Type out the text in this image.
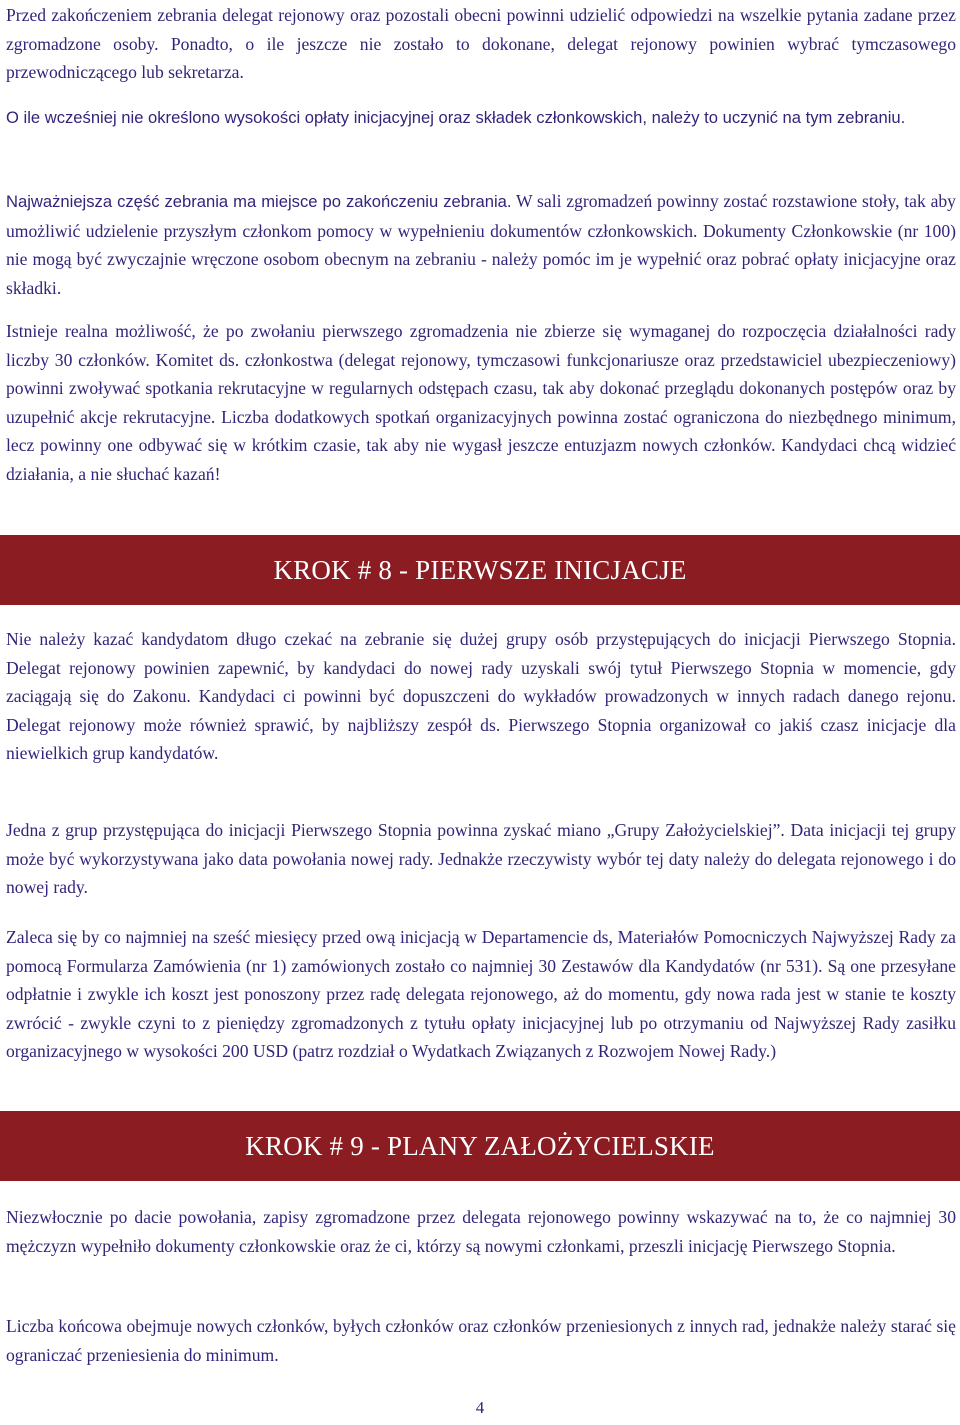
Przed zakończeniem zebrania delegat rejonowy oraz pozostali obecni powinni udzielić odpowiedzi na wszelkie pytania zadane przez zgromadzone osoby. Ponadto, o ile jeszcze nie zostało to dokonane, delegat rejonowy powinien wybrać tymczasowego przewodniczącego lub sekretarza.

O ile wcześniej nie określono wysokości opłaty inicjacyjnej oraz składek członkowskich, należy to uczynić na tym zebraniu.

Najważniejsza część zebrania ma miejsce po zakończeniu zebrania. W sali zgromadzeń powinny zostać rozstawione stoły, tak aby umożliwić udzielenie przyszłym członkom pomocy w wypełnieniu dokumentów członkowskich. Dokumenty Członkowskie (nr 100) nie mogą być zwyczajnie wręczone osobom obecnym na zebraniu - należy pomóc im je wypełnić oraz pobrać opłaty inicjacyjne oraz składki.

Istnieje realna możliwość, że po zwołaniu pierwszego zgromadzenia nie zbierze się wymaganej do rozpoczęcia działalności rady liczby 30 członków. Komitet ds. członkostwa (delegat rejonowy, tymczasowi funkcjonariusze oraz przedstawiciel ubezpieczeniowy) powinni zwoływać spotkania rekrutacyjne w regularnych odstępach czasu, tak aby dokonać przeglądu dokonanych postępów oraz by uzupełnić akcje rekrutacyjne. Liczba dodatkowych spotkań organizacyjnych powinna zostać ograniczona do niezbędnego minimum, lecz powinny one odbywać się w krótkim czasie, tak aby nie wygasł jeszcze entuzjazm nowych członków. Kandydaci chcą widzieć działania, a nie słuchać kazań!

KROK # 8 - PIERWSZE INICJACJE

Nie należy kazać kandydatom długo czekać na zebranie się dużej grupy osób przystępujących do inicjacji Pierwszego Stopnia. Delegat rejonowy powinien zapewnić, by kandydaci do nowej rady uzyskali swój tytuł Pierwszego Stopnia w momencie, gdy zaciągają się do Zakonu. Kandydaci ci powinni być dopuszczeni do wykładów prowadzonych w innych radach danego rejonu. Delegat rejonowy może również sprawić, by najbliższy zespół ds. Pierwszego Stopnia organizował co jakiś czasz inicjacje dla niewielkich grup kandydatów.

Jedna z grup przystępująca do inicjacji Pierwszego Stopnia powinna zyskać miano „Grupy Założycielskiej”. Data inicjacji tej grupy może być wykorzystywana jako data powołania nowej rady. Jednakże rzeczywisty wybór tej daty należy do delegata rejonowego i do nowej rady.

Zaleca się by co najmniej na sześć miesięcy przed ową inicjacją w Departamencie ds, Materiałów Pomocniczych Najwyższej Rady za pomocą Formularza Zamówienia (nr 1) zamówionych zostało co najmniej 30 Zestawów dla Kandydatów (nr 531). Są one przesyłane odpłatnie i zwykle ich koszt jest ponoszony przez radę delegata rejonowego, aż do momentu, gdy nowa rada jest w stanie te koszty zwrócić - zwykle czyni to z pieniędzy zgromadzonych z tytułu opłaty inicjacyjnej lub po otrzymaniu od Najwyższej Rady zasiłku organizacyjnego w wysokości 200 USD (patrz rozdział o Wydatkach Związanych z Rozwojem Nowej Rady.)

KROK # 9 - PLANY ZAŁOŻYCIELSKIE

Niezwłocznie po dacie powołania, zapisy zgromadzone przez delegata rejonowego powinny wskazywać na to, że co najmniej 30 mężczyzn wypełniło dokumenty członkowskie oraz że ci, którzy są nowymi członkami, przeszli inicjację Pierwszego Stopnia.

Liczba końcowa obejmuje nowych członków, byłych członków oraz członków przeniesionych z innych rad, jednakże należy starać się ograniczać przeniesienia do minimum.

4
